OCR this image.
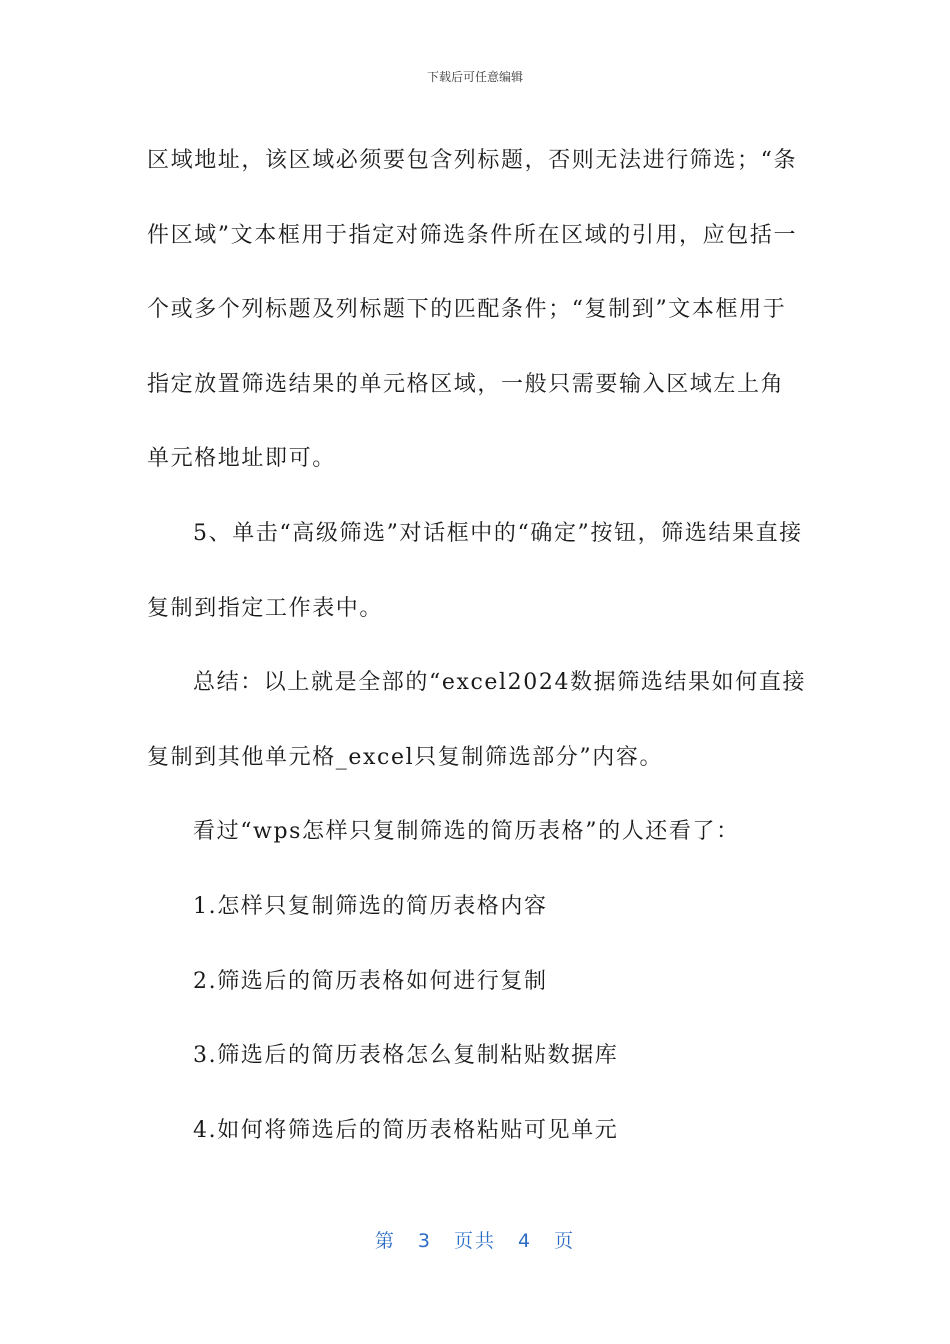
下载后可任意编辑

区域地址，该区域必须要包含列标题，否则无法进行筛选；“条件区域”文本框用于指定对筛选条件所在区域的引用，应包括一个或多个列标题及列标题下的匹配条件；“复制到”文本框用于指定放置筛选结果的单元格区域，一般只需要输入区域左上角单元格地址即可。

5、单击“高级筛选”对话框中的“确定”按钮，筛选结果直接复制到指定工作表中。

总结：以上就是全部的“excel2024数据筛选结果如何直接复制到其他单元格_excel只复制筛选部分”内容。

看过“wps怎样只复制筛选的简历表格”的人还看了：

1.怎样只复制筛选的简历表格内容

2.筛选后的简历表格如何进行复制

3.筛选后的简历表格怎么复制粘贴数据库

4.如何将筛选后的简历表格粘贴可见单元

第 3 页共 4 页
